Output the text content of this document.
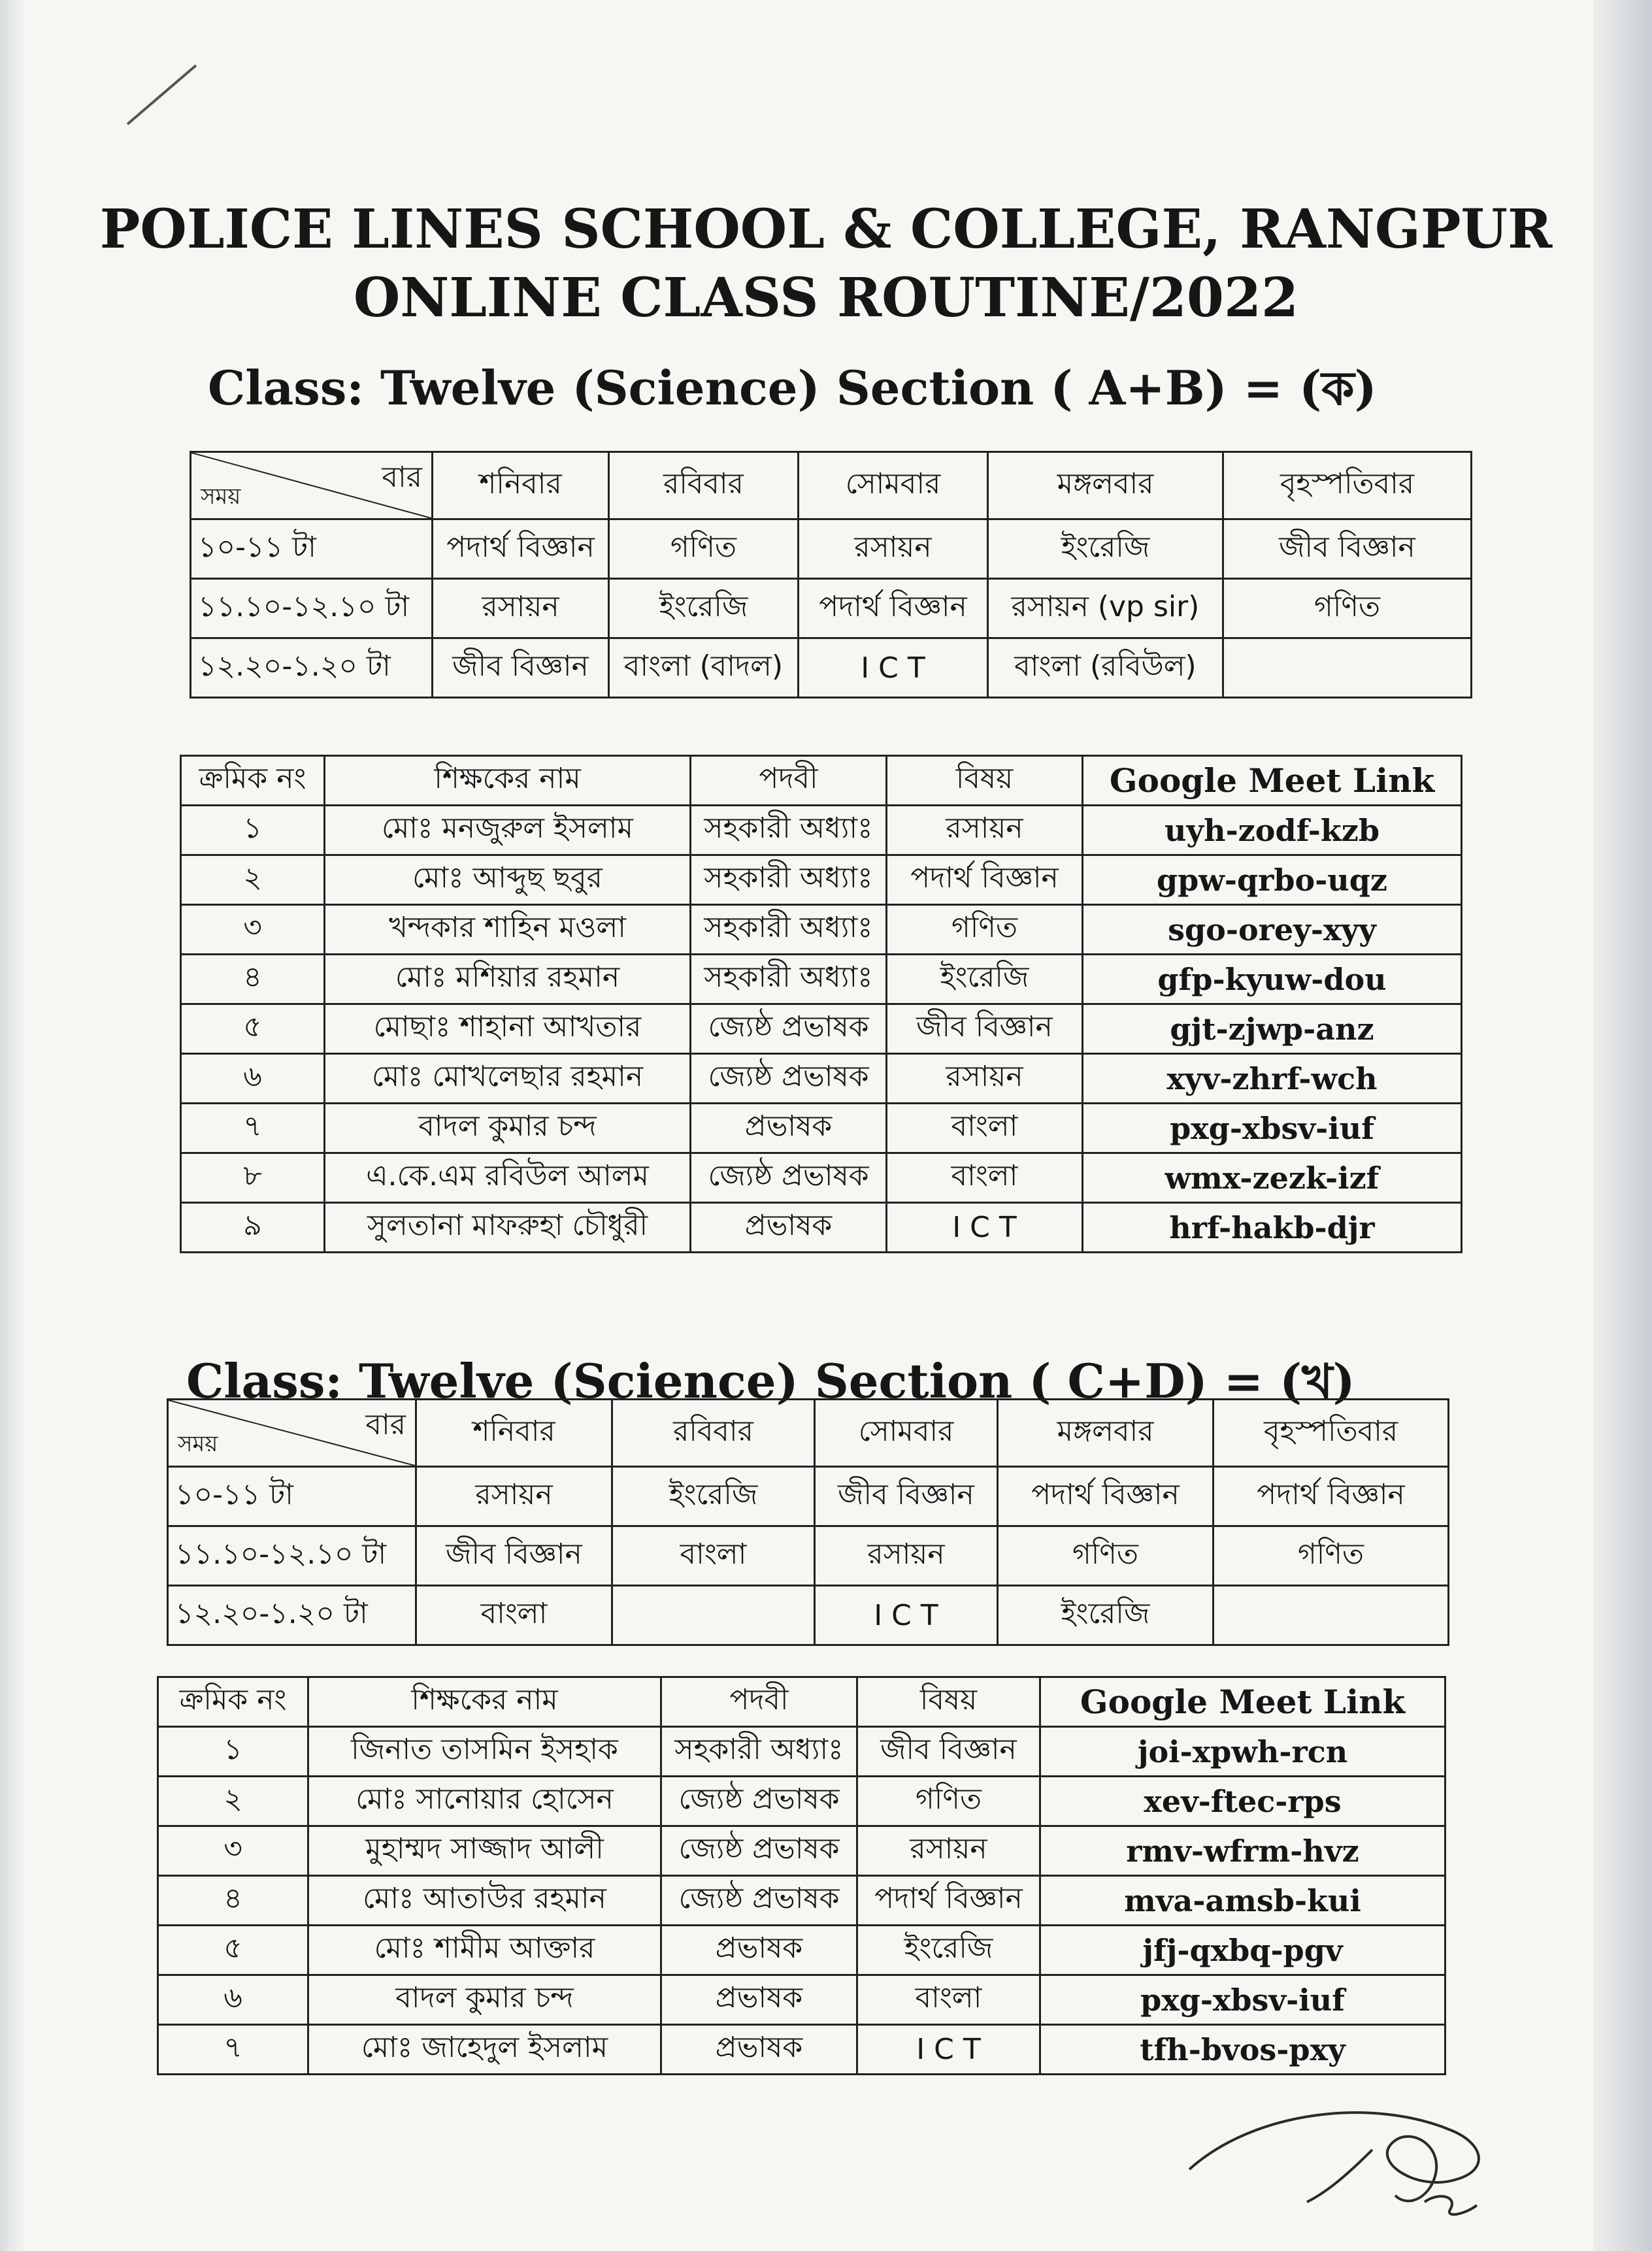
POLICE LINES SCHOOL & COLLEGE, RANGPUR
ONLINE CLASS ROUTINE/2022
Class: Twelve (Science) Section ( A+B) = (ক)
বার
সময়	শনিবার	রবিবার	সোমবার	মঙ্গলবার	বৃহস্পতিবার
১০-১১ টা	পদার্থ বিজ্ঞান	গণিত	রসায়ন	ইংরেজি	জীব বিজ্ঞান
১১.১০-১২.১০ টা	রসায়ন	ইংরেজি	পদার্থ বিজ্ঞান	রসায়ন (vp sir)	গণিত
১২.২০-১.২০ টা	জীব বিজ্ঞান	বাংলা (বাদল)	I C T	বাংলা (রবিউল)	
ক্রমিক নং	শিক্ষকের নাম	পদবী	বিষয়	Google Meet Link
১	মোঃ মনজুরুল ইসলাম	সহকারী অধ্যাঃ	রসায়ন	uyh-zodf-kzb
২	মোঃ আব্দুছ ছবুর	সহকারী অধ্যাঃ	পদার্থ বিজ্ঞান	gpw-qrbo-uqz
৩	খন্দকার শাহিন মওলা	সহকারী অধ্যাঃ	গণিত	sgo-orey-xyy
৪	মোঃ মশিয়ার রহমান	সহকারী অধ্যাঃ	ইংরেজি	gfp-kyuw-dou
৫	মোছাঃ শাহানা আখতার	জ্যেষ্ঠ প্রভাষক	জীব বিজ্ঞান	gjt-zjwp-anz
৬	মোঃ মোখলেছার রহমান	জ্যেষ্ঠ প্রভাষক	রসায়ন	xyv-zhrf-wch
৭	বাদল কুমার চন্দ	প্রভাষক	বাংলা	pxg-xbsv-iuf
৮	এ.কে.এম রবিউল আলম	জ্যেষ্ঠ প্রভাষক	বাংলা	wmx-zezk-izf
৯	সুলতানা মাফরুহা চৌধুরী	প্রভাষক	I C T	hrf-hakb-djr
Class: Twelve (Science) Section ( C+D) = (খ)
বার
সময়	শনিবার	রবিবার	সোমবার	মঙ্গলবার	বৃহস্পতিবার
১০-১১ টা	রসায়ন	ইংরেজি	জীব বিজ্ঞান	পদার্থ বিজ্ঞান	পদার্থ বিজ্ঞান
১১.১০-১২.১০ টা	জীব বিজ্ঞান	বাংলা	রসায়ন	গণিত	গণিত
১২.২০-১.২০ টা	বাংলা		I C T	ইংরেজি	
ক্রমিক নং	শিক্ষকের নাম	পদবী	বিষয়	Google Meet Link
১	জিনাত তাসমিন ইসহাক	সহকারী অধ্যাঃ	জীব বিজ্ঞান	joi-xpwh-rcn
২	মোঃ সানোয়ার হোসেন	জ্যেষ্ঠ প্রভাষক	গণিত	xev-ftec-rps
৩	মুহাম্মদ সাজ্জাদ আলী	জ্যেষ্ঠ প্রভাষক	রসায়ন	rmv-wfrm-hvz
৪	মোঃ আতাউর রহমান	জ্যেষ্ঠ প্রভাষক	পদার্থ বিজ্ঞান	mva-amsb-kui
৫	মোঃ শামীম আক্তার	প্রভাষক	ইংরেজি	jfj-qxbq-pgv
৬	বাদল কুমার চন্দ	প্রভাষক	বাংলা	pxg-xbsv-iuf
৭	মোঃ জাহেদুল ইসলাম	প্রভাষক	I C T	tfh-bvos-pxy
